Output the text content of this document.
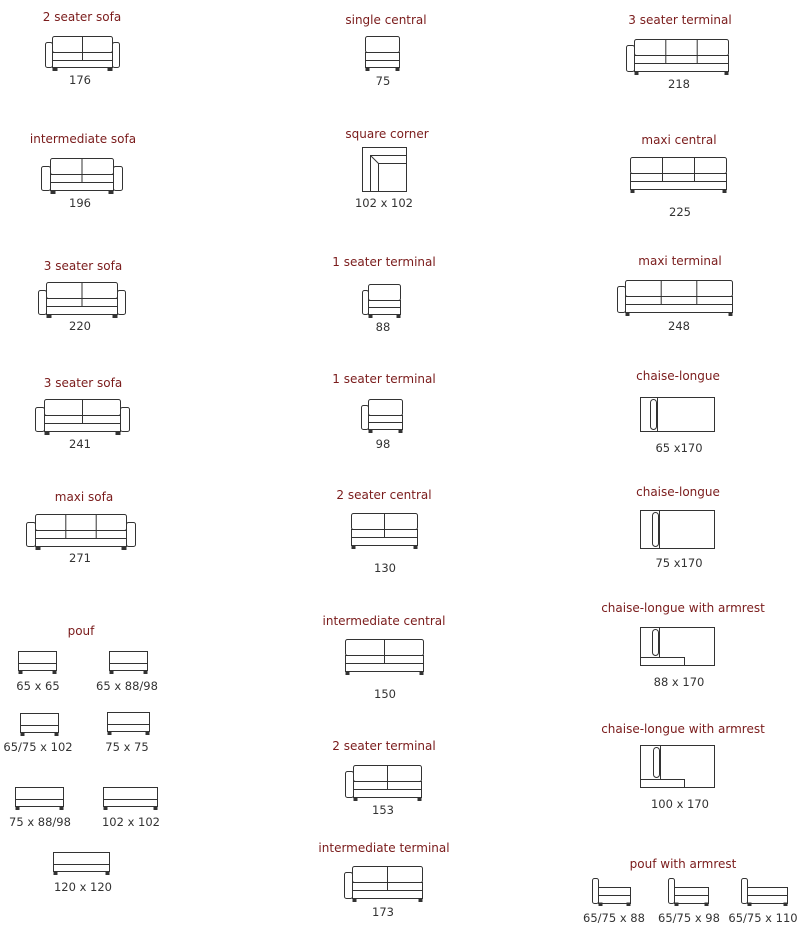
2 seater sofa
176
intermediate sofa
196
3 seater sofa
220
3 seater sofa
241
maxi sofa
271
pouf
65 x 65	65 x 88/98
65/75 x 102	75 x 75
75 x 88/98	102 x 102
120 x 120
single central
75
square corner
102 x 102
1 seater terminal
88
1 seater terminal
98
2 seater central
130
intermediate central
150
2 seater terminal
153
intermediate terminal
173
3 seater terminal
218
maxi central
225
maxi terminal
248
chaise-longue
65 x170
chaise-longue
75 x170
chaise-longue with armrest
88 x 170
chaise-longue with armrest
100 x 170
pouf with armrest
65/75 x 88 65/75 x 98 65/75 x 110
